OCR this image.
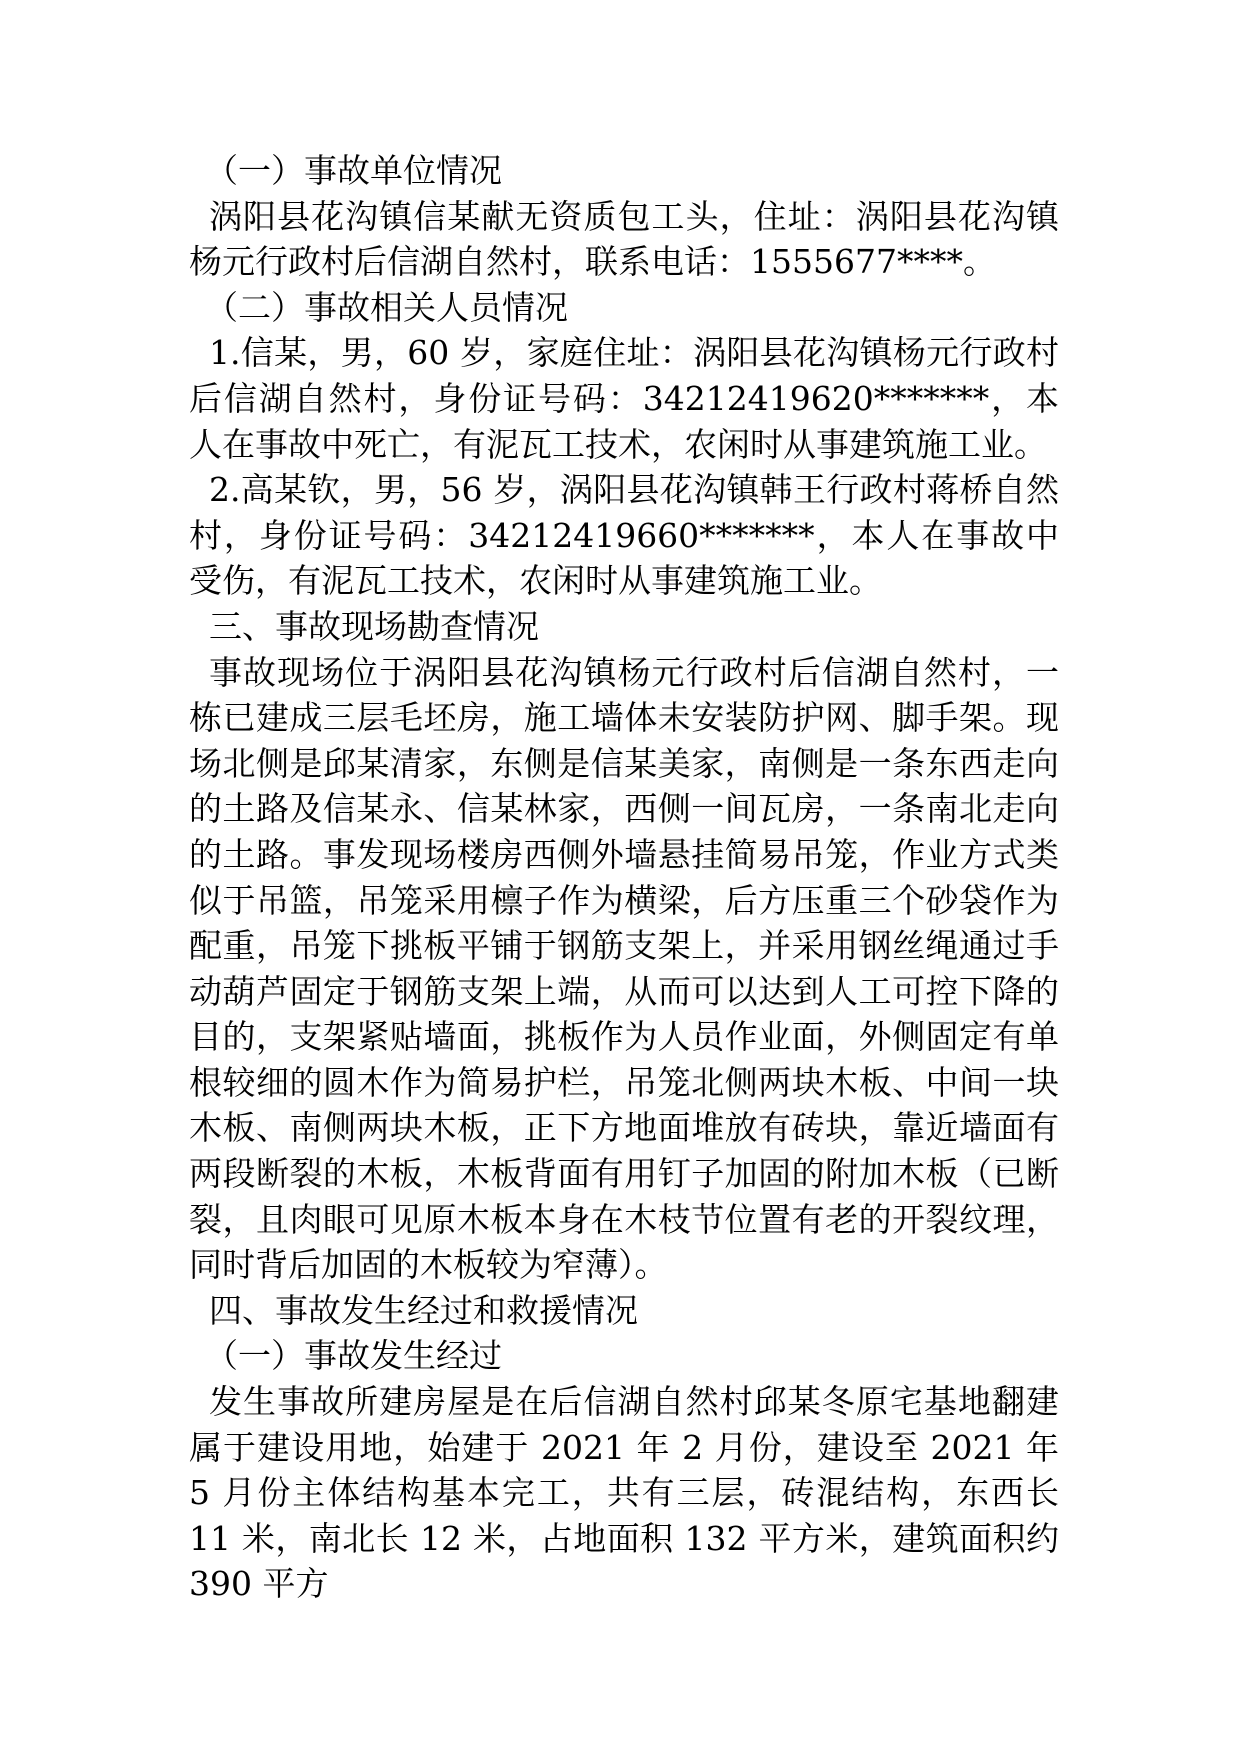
（一）事故单位情况

涡阳县花沟镇信某献无资质包工头，住址：涡阳县花沟镇杨元行政村后信湖自然村，联系电话：1555677****。

（二）事故相关人员情况

1.信某，男，60 岁，家庭住址：涡阳县花沟镇杨元行政村后信湖自然村，身份证号码：34212419620*******，本人在事故中死亡，有泥瓦工技术，农闲时从事建筑施工业。

2.高某钦，男，56 岁，涡阳县花沟镇韩王行政村蒋桥自然村，身份证号码：34212419660*******，本人在事故中受伤，有泥瓦工技术，农闲时从事建筑施工业。

三、事故现场勘查情况

事故现场位于涡阳县花沟镇杨元行政村后信湖自然村，一栋已建成三层毛坯房，施工墙体未安装防护网、脚手架。现场北侧是邱某清家，东侧是信某美家，南侧是一条东西走向的土路及信某永、信某林家，西侧一间瓦房，一条南北走向的土路。事发现场楼房西侧外墙悬挂简易吊笼，作业方式类似于吊篮，吊笼采用檩子作为横梁，后方压重三个砂袋作为配重，吊笼下挑板平铺于钢筋支架上，并采用钢丝绳通过手动葫芦固定于钢筋支架上端，从而可以达到人工可控下降的目的，支架紧贴墙面，挑板作为人员作业面，外侧固定有单根较细的圆木作为简易护栏，吊笼北侧两块木板、中间一块木板、南侧两块木板，正下方地面堆放有砖块，靠近墙面有两段断裂的木板，木板背面有用钉子加固的附加木板（已断裂，且肉眼可见原木板本身在木枝节位置有老的开裂纹理，同时背后加固的木板较为窄薄）。

四、事故发生经过和救援情况

（一）事故发生经过

发生事故所建房屋是在后信湖自然村邱某冬原宅基地翻建属于建设用地，始建于 2021 年 2 月份，建设至 2021 年 5 月份主体结构基本完工，共有三层，砖混结构，东西长 11 米，南北长 12 米，占地面积 132 平方米，建筑面积约 390 平方
